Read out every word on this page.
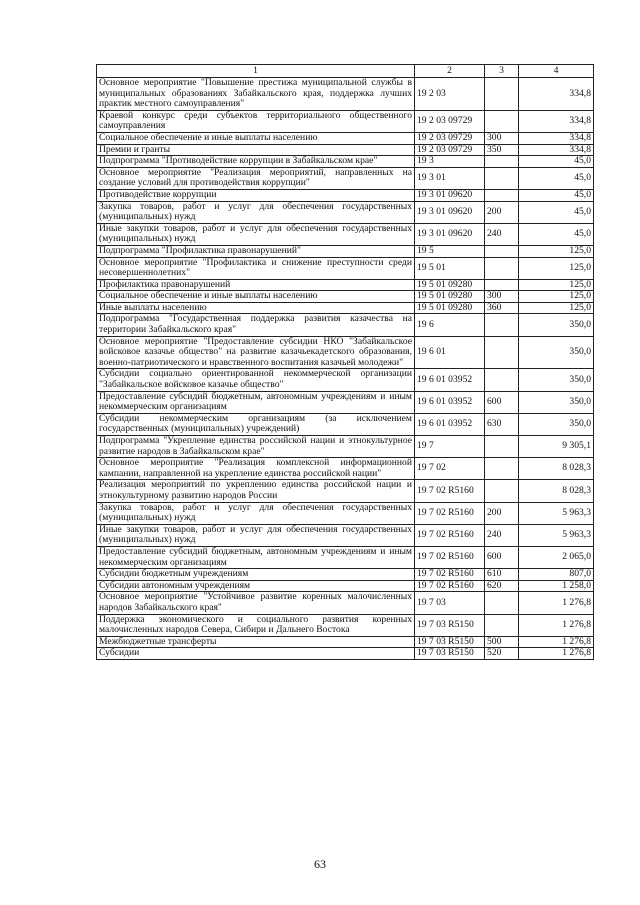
1	2	3	4
Основное мероприятие "Повышение престижа муниципальной службы в муниципальных образованиях Забайкальского края, поддержка лучших практик местного самоуправления"	19 2 03		334,8
Краевой конкурс среди субъектов территориального общественного самоуправления	19 2 03 09729		334,8
Социальное обеспечение и иные выплаты населению	19 2 03 09729	300	334,8
Премии и гранты	19 2 03 09729	350	334,8
Подпрограмма "Противодействие коррупции в Забайкальском крае"	19 3		45,0
Основное мероприятие "Реализация мероприятий, направленных на создание условий для противодействия коррупции"	19 3 01		45,0
Противодействие коррупции	19 3 01 09620		45,0
Закупка товаров, работ и услуг для обеспечения государственных (муниципальных) нужд	19 3 01 09620	200	45,0
Иные закупки товаров, работ и услуг для обеспечения государственных (муниципальных) нужд	19 3 01 09620	240	45,0
Подпрограмма "Профилактика правонарушений"	19 5		125,0
Основное мероприятие "Профилактика и снижение преступности среди несовершеннолетних"	19 5 01		125,0
Профилактика правонарушений	19 5 01 09280		125,0
Социальное обеспечение и иные выплаты населению	19 5 01 09280	300	125,0
Иные выплаты населению	19 5 01 09280	360	125,0
Подпрограмма "Государственная поддержка развития казачества на территории Забайкальского края"	19 6		350,0
Основное мероприятие "Предоставление субсидии НКО "Забайкальское войсковое казачье общество" на развитие казачьекадетского образования, военно-патриотического и нравственного воспитания казачьей молодежи"	19 6 01		350,0
Субсидии социально ориентированной некоммерческой организации "Забайкальское войсковое казачье общество"	19 6 01 03952		350,0
Предоставление субсидий бюджетным, автономным учреждениям и иным некоммерческим организациям	19 6 01 03952	600	350,0
Субсидии некоммерческим организациям (за исключением государственных (муниципальных) учреждений)	19 6 01 03952	630	350,0
Подпрограмма "Укрепление единства российской нации и этнокультурное развитие народов в Забайкальском крае"	19 7		9 305,1
Основное мероприятие "Реализация комплексной информационной кампании, направленной на укрепление единства российской нации"	19 7 02		8 028,3
Реализация мероприятий по укреплению единства российской нации и этнокультурному развитию народов России	19 7 02 R5160		8 028,3
Закупка товаров, работ и услуг для обеспечения государственных (муниципальных) нужд	19 7 02 R5160	200	5 963,3
Иные закупки товаров, работ и услуг для обеспечения государственных (муниципальных) нужд	19 7 02 R5160	240	5 963,3
Предоставление субсидий бюджетным, автономным учреждениям и иным некоммерческим организациям	19 7 02 R5160	600	2 065,0
Субсидии бюджетным учреждениям	19 7 02 R5160	610	807,0
Субсидии автономным учреждениям	19 7 02 R5160	620	1 258,0
Основное мероприятие "Устойчивое развитие коренных малочисленных народов Забайкальского края"	19 7 03		1 276,8
Поддержка экономического и социального развития коренных малочисленных народов Севера, Сибири и Дальнего Востока	19 7 03 R5150		1 276,8
Межбюджетные трансферты	19 7 03 R5150	500	1 276,8
Субсидии	19 7 03 R5150	520	1 276,8
63
